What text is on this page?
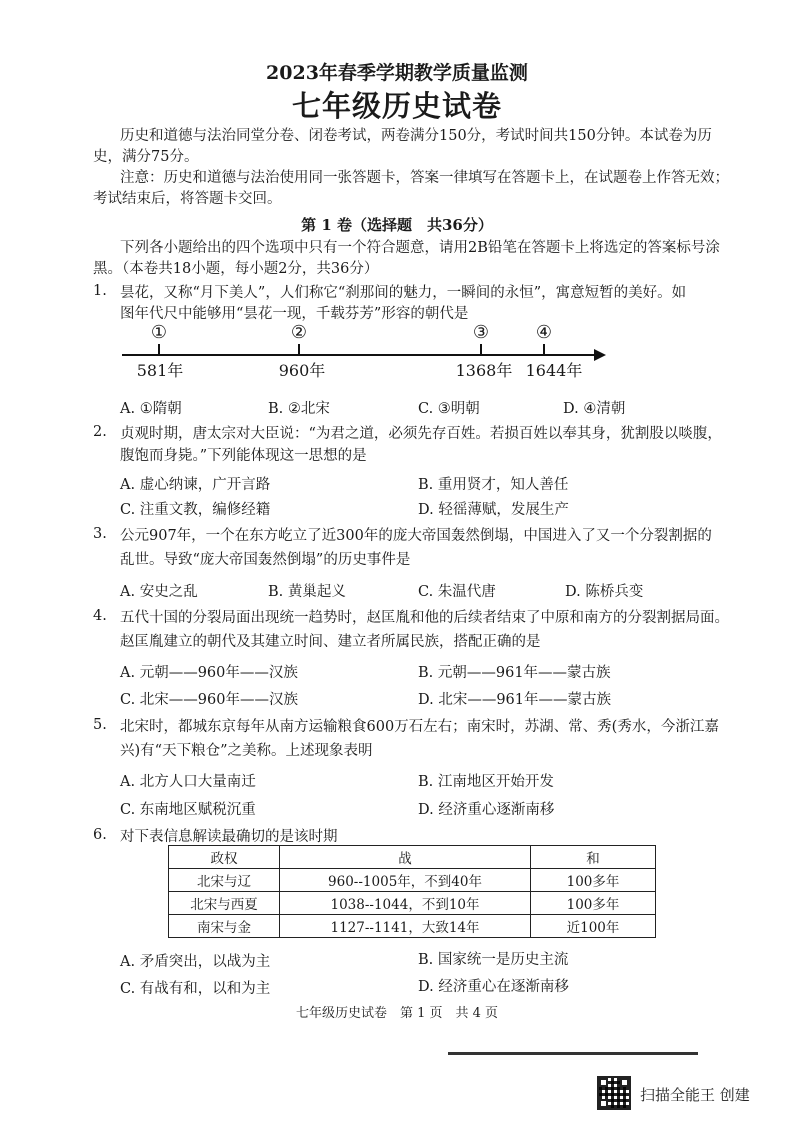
2023年春季学期教学质量监测
七年级历史试卷
历史和道德与法治同堂分卷、闭卷考试，两卷满分150分，考试时间共150分钟。本试卷为历
史，满分75分。
注意：历史和道德与法治使用同一张答题卡，答案一律填写在答题卡上，在试题卷上作答无效；
考试结束后，将答题卡交回。
第 1 卷（选择题　共36分）
下列各小题给出的四个选项中只有一个符合题意，请用2B铅笔在答题卡上将选定的答案标号涂
黑。（本卷共18小题，每小题2分，共36分）
1. 昙花，又称“月下美人”，人们称它“刹那间的魅力，一瞬间的永恒”，寓意短暂的美好。如
图年代尺中能够用“昙花一现，千载芬芳”形容的朝代是
①
581年
②
960年
③
1368年
④
1644年
A. ①隋朝	B. ②北宋	C. ③明朝	D. ④清朝
2. 贞观时期，唐太宗对大臣说：“为君之道，必须先存百姓。若损百姓以奉其身，犹割股以啖腹，
腹饱而身毙。”下列能体现这一思想的是
A. 虚心纳谏，广开言路	B. 重用贤才，知人善任
C. 注重文教，编修经籍	D. 轻徭薄赋，发展生产
3. 公元907年，一个在东方屹立了近300年的庞大帝国轰然倒塌，中国进入了又一个分裂割据的
乱世。导致“庞大帝国轰然倒塌”的历史事件是
A. 安史之乱	B. 黄巢起义	C. 朱温代唐	D. 陈桥兵变
4. 五代十国的分裂局面出现统一趋势时，赵匡胤和他的后续者结束了中原和南方的分裂割据局面。
赵匡胤建立的朝代及其建立时间、建立者所属民族，搭配正确的是
A. 元朝——960年——汉族	B. 元朝——961年——蒙古族
C. 北宋——960年——汉族	D. 北宋——961年——蒙古族
5. 北宋时，都城东京每年从南方运输粮食600万石左右；南宋时，苏湖、常、秀(秀水，今浙江嘉
兴)有“天下粮仓”之美称。上述现象表明
A. 北方人口大量南迁	B. 江南地区开始开发
C. 东南地区赋税沉重	D. 经济重心逐渐南移
6. 对下表信息解读最确切的是该时期
政权	战	和
北宋与辽	960--1005年，不到40年	100多年
北宋与西夏	1038--1044，不到10年	100多年
南宋与金	1127--1141，大致14年	近100年
A. 矛盾突出，以战为主	B. 国家统一是历史主流
C. 有战有和，以和为主	D. 经济重心在逐渐南移
七年级历史试卷　第 1 页　共 4 页
扫描全能王 创建
